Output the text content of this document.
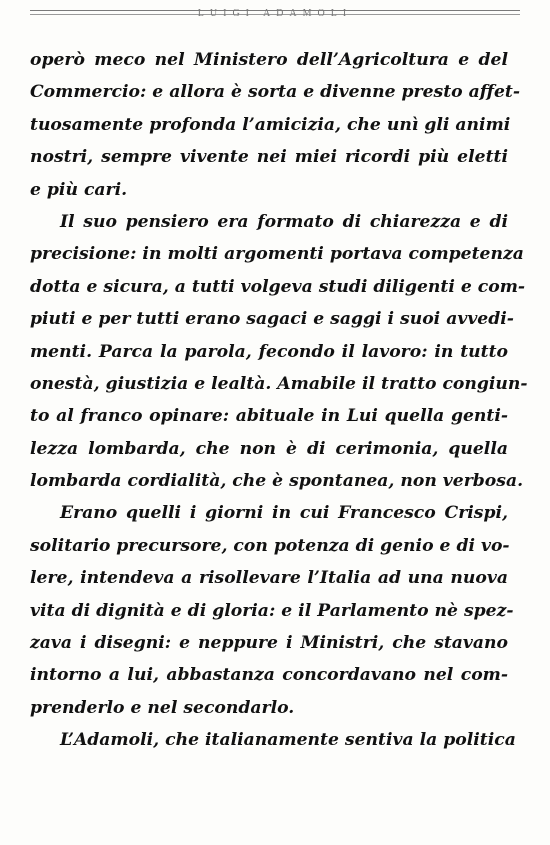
LUIGI ADAMOLI
operò meco nel Ministero dell’Agricoltura e del
Commercio: e allora è sorta e divenne presto affet-
tuosamente profonda l’amicizia, che unì gli animi
nostri, sempre vivente nei miei ricordi più eletti
e più cari.
Il suo pensiero era formato di chiarezza e di
precisione: in molti argomenti portava competenza
dotta e sicura, a tutti volgeva studi diligenti e com-
piuti e per tutti erano sagaci e saggi i suoi avvedi-
menti. Parca la parola, fecondo il lavoro: in tutto
onestà, giustizia e lealtà. Amabile il tratto congiun-
to al franco opinare: abituale in Lui quella genti-
lezza lombarda, che non è di cerimonia, quella
lombarda cordialità, che è spontanea, non verbosa.
Erano quelli i giorni in cui Francesco Crispi,
solitario precursore, con potenza di genio e di vo-
lere, intendeva a risollevare l’Italia ad una nuova
vita di dignità e di gloria: e il Parlamento nè spez-
zava i disegni: e neppure i Ministri, che stavano
intorno a lui, abbastanza concordavano nel com-
prenderlo e nel secondarlo.
L’Adamoli, che italianamente sentiva la politica
